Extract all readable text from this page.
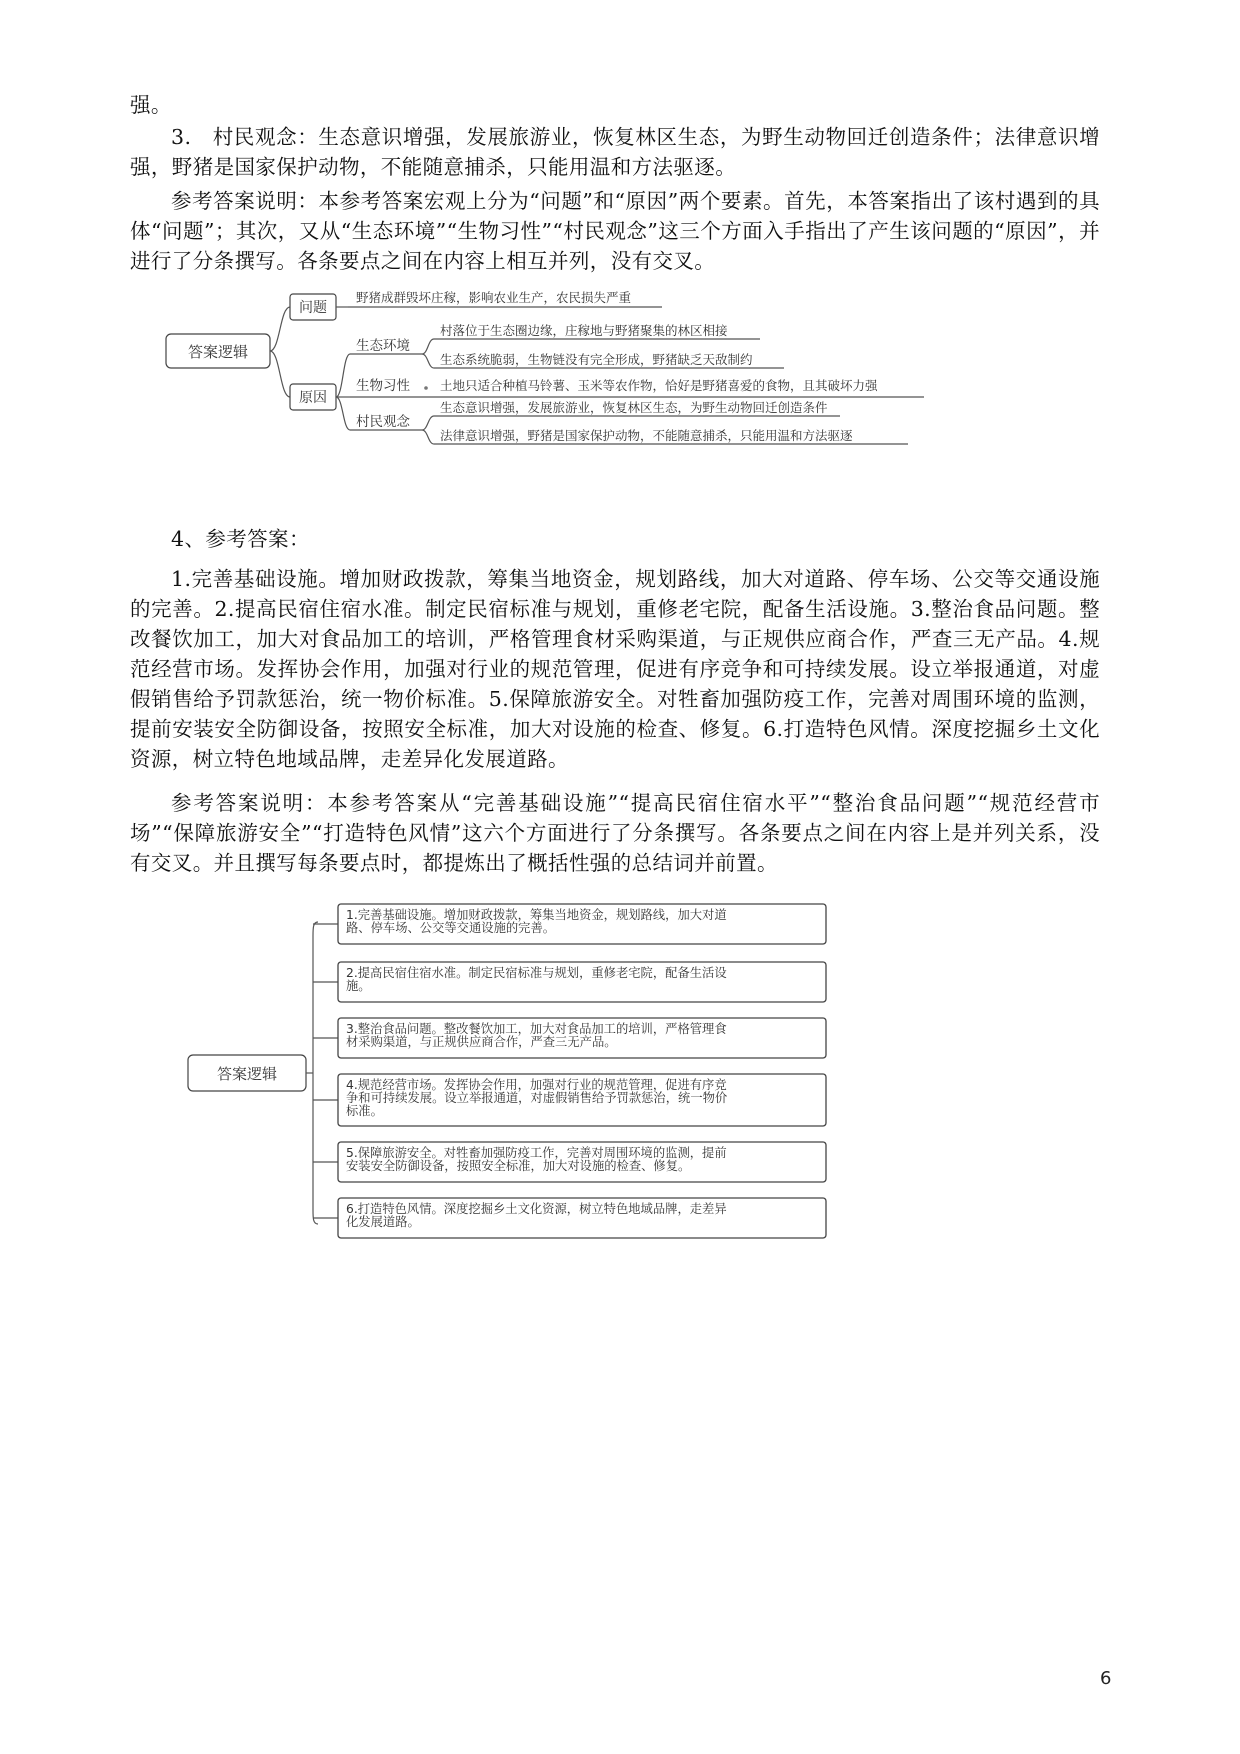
强。

3.　村民观念：生态意识增强，发展旅游业，恢复林区生态，为野生动物回迁创造条件；法律意识增强，野猪是国家保护动物，不能随意捕杀，只能用温和方法驱逐。

参考答案说明：本参考答案宏观上分为“问题”和“原因”两个要素。首先，本答案指出了该村遇到的具体“问题”；其次，又从“生态环境”“生物习性”“村民观念”这三个方面入手指出了产生该问题的“原因”，并进行了分条撰写。各条要点之间在内容上相互并列，没有交叉。

答案逻辑
问题
野猪成群毁坏庄稼，影响农业生产，农民损失严重
原因
生态环境
村落位于生态圈边缘，庄稼地与野猪聚集的林区相接
生态系统脆弱，生物链没有完全形成，野猪缺乏天敌制约
生物习性 土地只适合种植马铃薯、玉米等农作物，恰好是野猪喜爱的食物，且其破坏力强
村民观念
生态意识增强，发展旅游业，恢复林区生态，为野生动物回迁创造条件
法律意识增强，野猪是国家保护动物，不能随意捕杀，只能用温和方法驱逐

4、参考答案：

1.完善基础设施。增加财政拨款，筹集当地资金，规划路线，加大对道路、停车场、公交等交通设施的完善。2.提高民宿住宿水准。制定民宿标准与规划，重修老宅院，配备生活设施。3.整治食品问题。整改餐饮加工，加大对食品加工的培训，严格管理食材采购渠道，与正规供应商合作，严查三无产品。4.规范经营市场。发挥协会作用，加强对行业的规范管理，促进有序竞争和可持续发展。设立举报通道，对虚假销售给予罚款惩治，统一物价标准。5.保障旅游安全。对牲畜加强防疫工作，完善对周围环境的监测，提前安装安全防御设备，按照安全标准，加大对设施的检查、修复。6.打造特色风情。深度挖掘乡土文化资源，树立特色地域品牌，走差异化发展道路。

参考答案说明：本参考答案从“完善基础设施”“提高民宿住宿水平”“整治食品问题”“规范经营市场”“保障旅游安全”“打造特色风情”这六个方面进行了分条撰写。各条要点之间在内容上是并列关系，没有交叉。并且撰写每条要点时，都提炼出了概括性强的总结词并前置。

答案逻辑
1.完善基础设施。增加财政拨款，筹集当地资金，规划路线，加大对道
路、停车场、公交等交通设施的完善。
2.提高民宿住宿水准。制定民宿标准与规划，重修老宅院，配备生活设
施。
3.整治食品问题。整改餐饮加工，加大对食品加工的培训，严格管理食
材采购渠道，与正规供应商合作，严查三无产品。
4.规范经营市场。发挥协会作用，加强对行业的规范管理，促进有序竞
争和可持续发展。设立举报通道，对虚假销售给予罚款惩治，统一物价
标准。
5.保障旅游安全。对牲畜加强防疫工作，完善对周围环境的监测，提前
安装安全防御设备，按照安全标准，加大对设施的检查、修复。
6.打造特色风情。深度挖掘乡土文化资源，树立特色地域品牌，走差异
化发展道路。
6
